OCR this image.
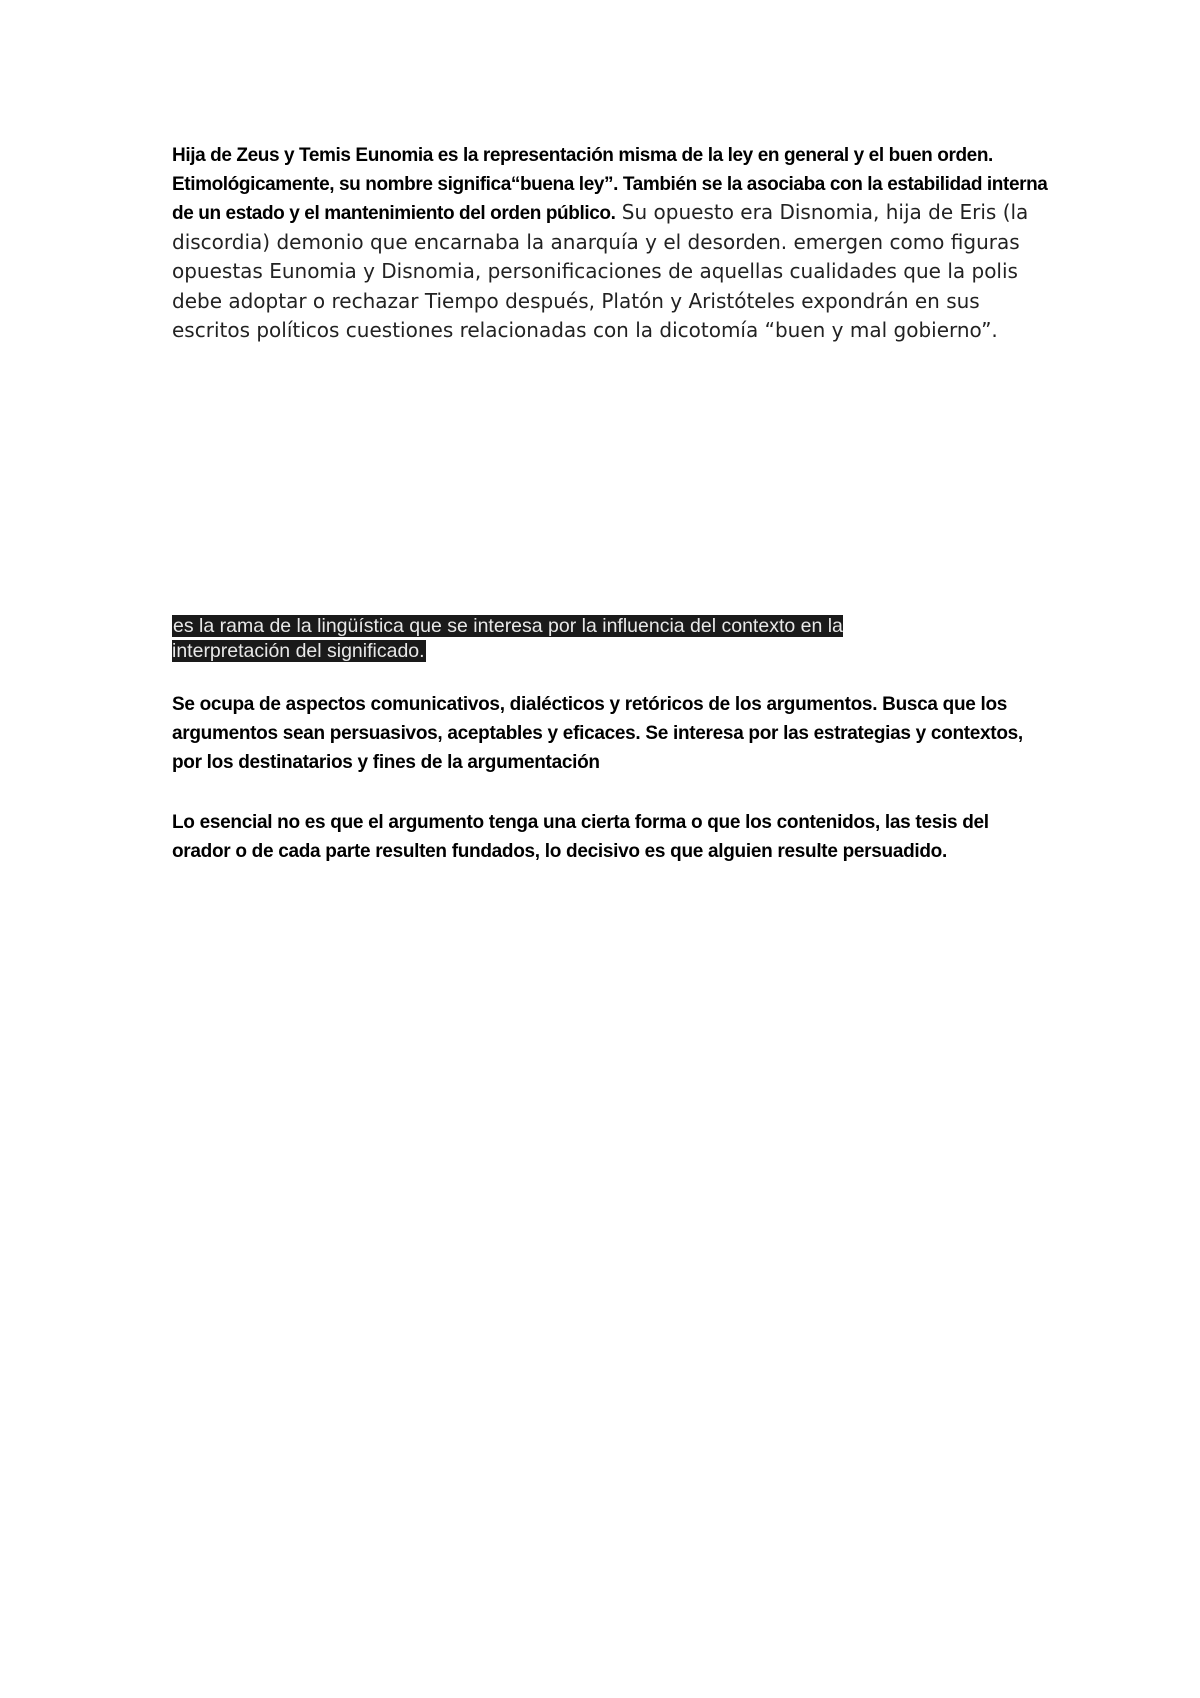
Hija de Zeus y Temis Eunomia es la representación misma de la ley en general y el buen orden. Etimológicamente, su nombre significa“buena ley”. También se la asociaba con la estabilidad interna de un estado y el mantenimiento del orden público. Su opuesto era Disnomia, hija de Eris (la discordia) demonio que encarnaba la anarquía y el desorden. emergen como figuras opuestas Eunomia y Disnomia, personificaciones de aquellas cualidades que la polis debe adoptar o rechazar Tiempo después, Platón y Aristóteles expondrán en sus escritos políticos cuestiones relacionadas con la dicotomía “buen y mal gobierno”.

es la rama de la lingüística que se interesa por la influencia del contexto en la interpretación del significado.

Se ocupa de aspectos comunicativos, dialécticos y retóricos de los argumentos. Busca que los argumentos sean persuasivos, aceptables y eficaces. Se interesa por las estrategias y contextos, por los destinatarios y fines de la argumentación

Lo esencial no es que el argumento tenga una cierta forma o que los contenidos, las tesis del orador o de cada parte resulten fundados, lo decisivo es que alguien resulte persuadido.
